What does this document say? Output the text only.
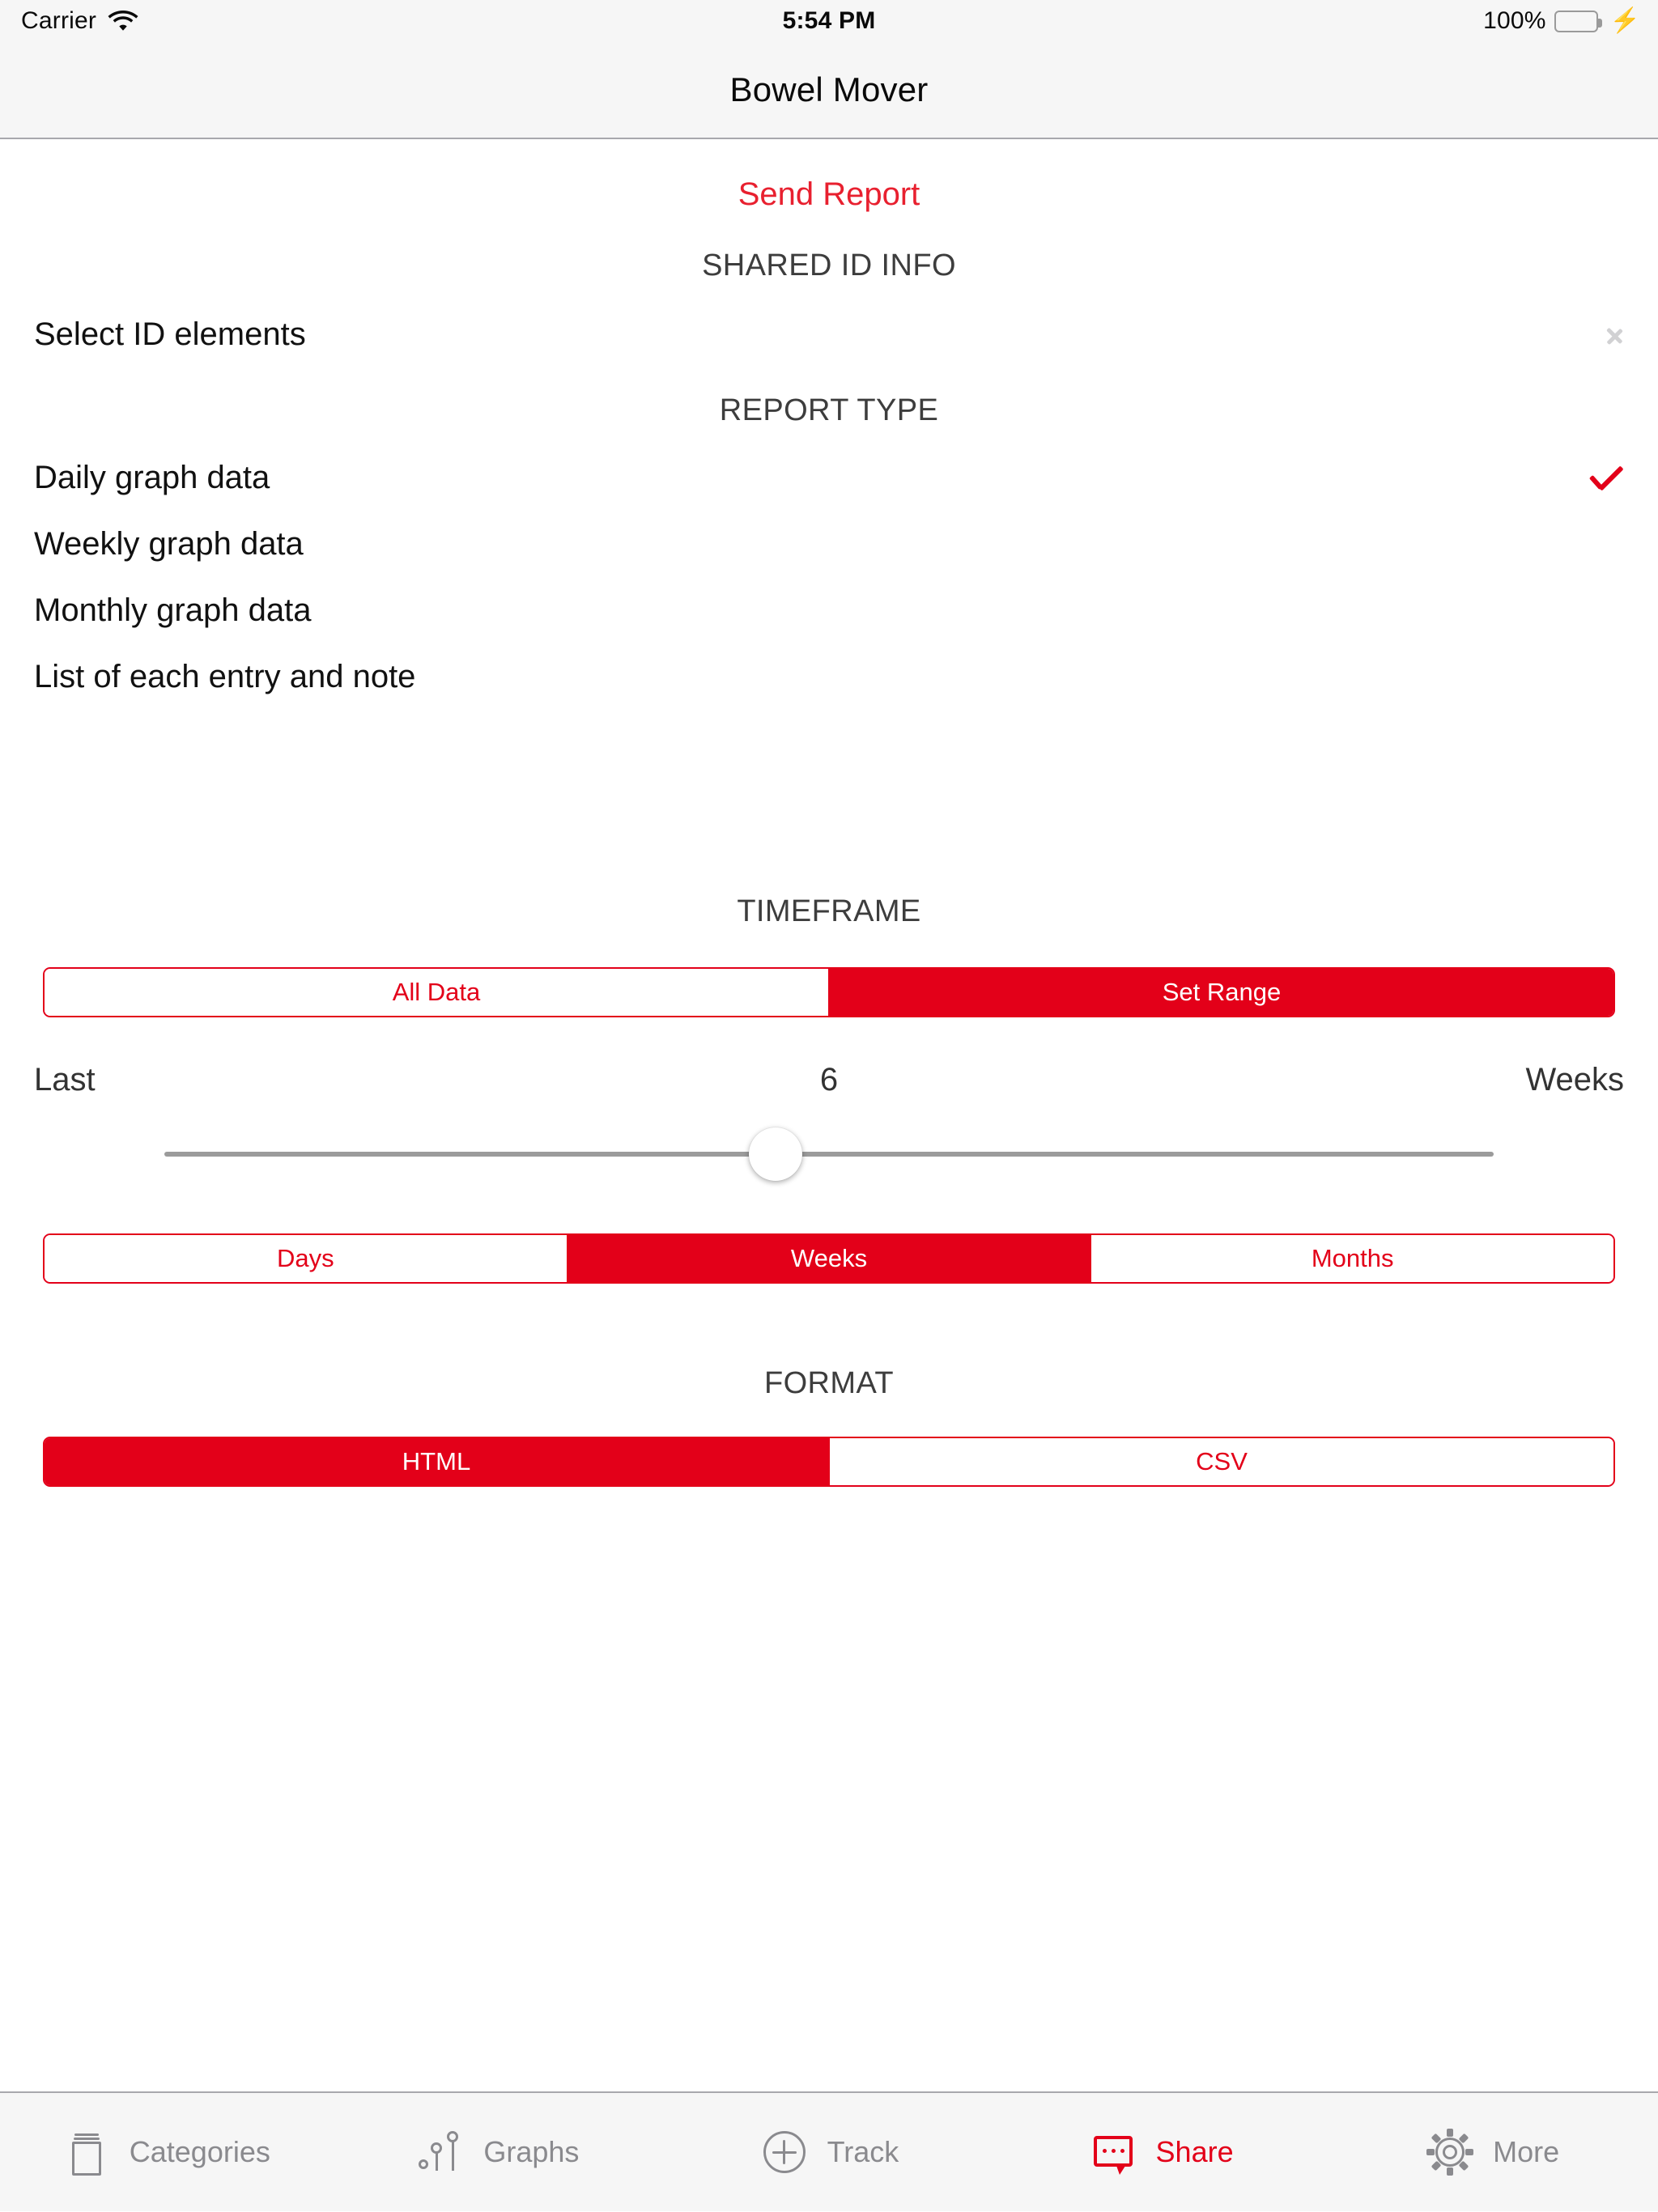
Carrier	5:54 PM	100%	⚡
Bowel Mover
Send Report
SHARED ID INFO
Select ID elements
REPORT TYPE
Daily graph data
Weekly graph data
Monthly graph data
List of each entry and note
TIMEFRAME
All Data	Set Range
Last	6	Weeks
Days	Weeks	Months
FORMAT
HTML	CSV
Categories	Graphs	Track	Share	More
